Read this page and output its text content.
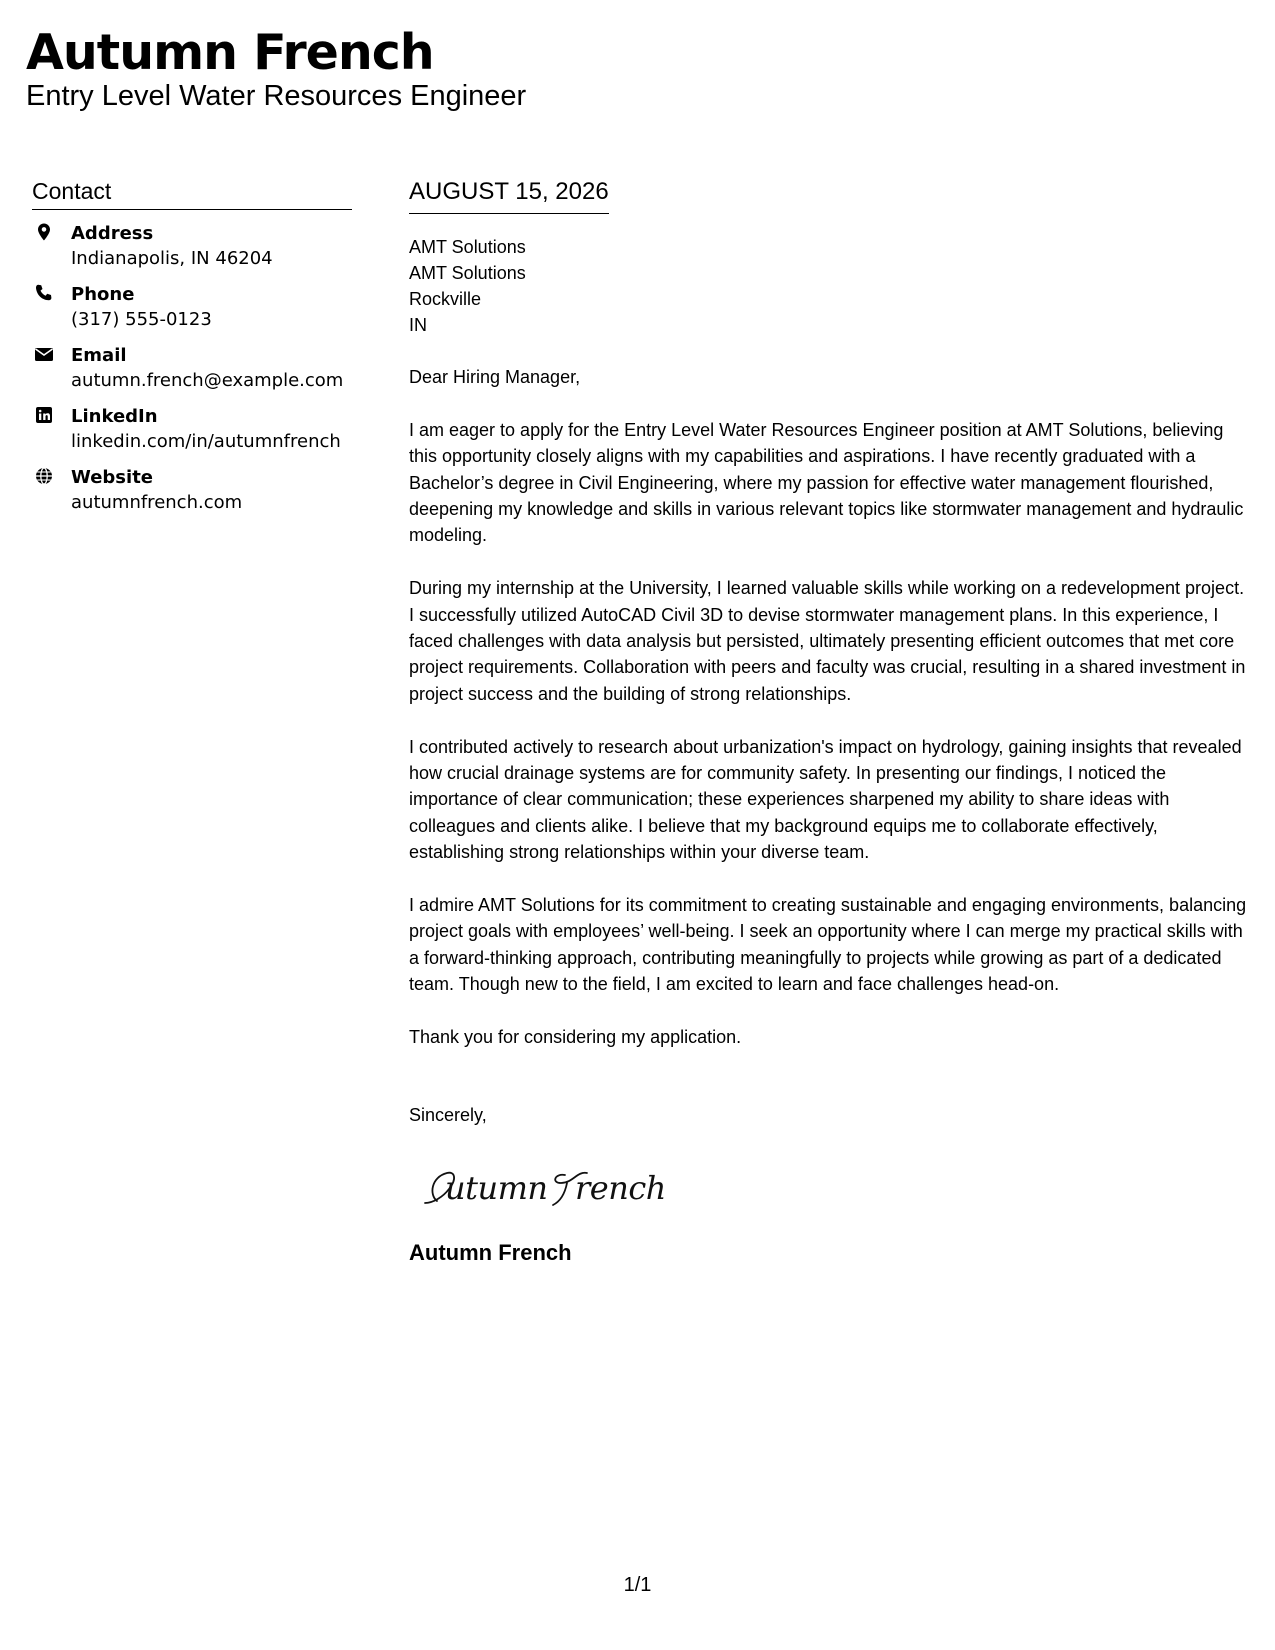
Autumn French
Entry Level Water Resources Engineer
Contact
Address
Indianapolis, IN 46204
Phone
(317) 555-0123
Email
autumn.french@example.com
LinkedIn
linkedin.com/in/autumnfrench
Website
autumnfrench.com
AUGUST 15, 2026
AMT Solutions
AMT Solutions
Rockville
IN
Dear Hiring Manager,

I am eager to apply for the Entry Level Water Resources Engineer position at AMT Solutions, believing this opportunity closely aligns with my capabilities and aspirations. I have recently graduated with a Bachelor’s degree in Civil Engineering, where my passion for effective water management flourished, deepening my knowledge and skills in various relevant topics like stormwater management and hydraulic modeling.

During my internship at the University, I learned valuable skills while working on a redevelopment project. I successfully utilized AutoCAD Civil 3D to devise stormwater management plans. In this experience, I faced challenges with data analysis but persisted, ultimately presenting efficient outcomes that met core project requirements. Collaboration with peers and faculty was crucial, resulting in a shared investment in project success and the building of strong relationships.

I contributed actively to research about urbanization's impact on hydrology, gaining insights that revealed how crucial drainage systems are for community safety. In presenting our findings, I noticed the importance of clear communication; these experiences sharpened my ability to share ideas with colleagues and clients alike. I believe that my background equips me to collaborate effectively, establishing strong relationships within your diverse team.

I admire AMT Solutions for its commitment to creating sustainable and engaging environments, balancing project goals with employees’ well-being. I seek an opportunity where I can merge my practical skills with a forward-thinking approach, contributing meaningfully to projects while growing as part of a dedicated team. Though new to the field, I am excited to learn and face challenges head-on.

Thank you for considering my application.
Sincerely,
utumn rench
Autumn French
1/1
